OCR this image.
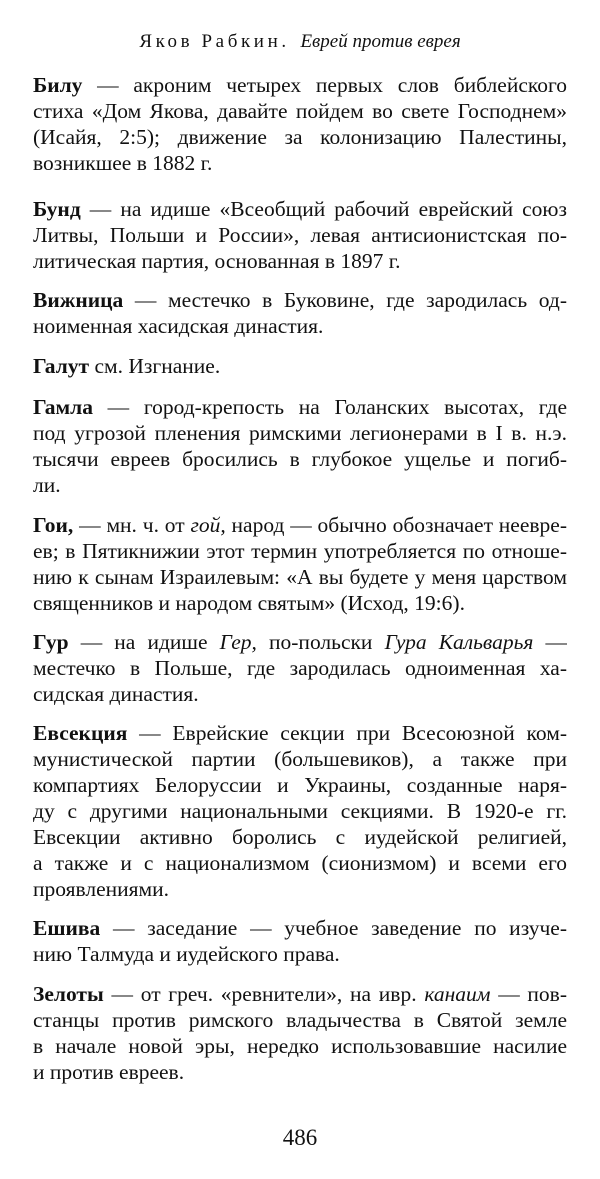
Яков Рабкин. Еврей против еврея
Билу — акроним четырех первых слов библейского
стиха «Дом Якова, давайте пойдем во свете Господнем»
(Исайя, 2:5); движение за колонизацию Палестины,
возникшее в 1882 г.
Бунд — на идише «Всеобщий рабочий еврейский союз
Литвы, Польши и России», левая антисионистская по-
литическая партия, основанная в 1897 г.
Вижница — местечко в Буковине, где зародилась од-
ноименная хасидская династия.
Галут см. Изгнание.
Гамла — город-крепость на Голанских высотах, где
под угрозой пленения римскими легионерами в I в. н.э.
тысячи евреев бросились в глубокое ущелье и погиб-
ли.
Гои, — мн. ч. от гой, народ — обычно обозначает неевре-
ев; в Пятикнижии этот термин употребляется по отноше-
нию к сынам Израилевым: «А вы будете у меня царством
священников и народом святым» (Исход, 19:6).
Гур — на идише Гер, по-польски Гура Кальварья —
местечко в Польше, где зародилась одноименная ха-
сидская династия.
Евсекция — Еврейские секции при Всесоюзной ком-
мунистической партии (большевиков), а также при
компартиях Белоруссии и Украины, созданные наря-
ду с другими национальными секциями. В 1920-е гг.
Евсекции активно боролись с иудейской религией,
а также и с национализмом (сионизмом) и всеми его
проявлениями.
Ешива — заседание — учебное заведение по изуче-
нию Талмуда и иудейского права.
Зелоты — от греч. «ревнители», на ивр. канаим — пов-
станцы против римского владычества в Святой земле
в начале новой эры, нередко использовавшие насилие
и против евреев.
486
